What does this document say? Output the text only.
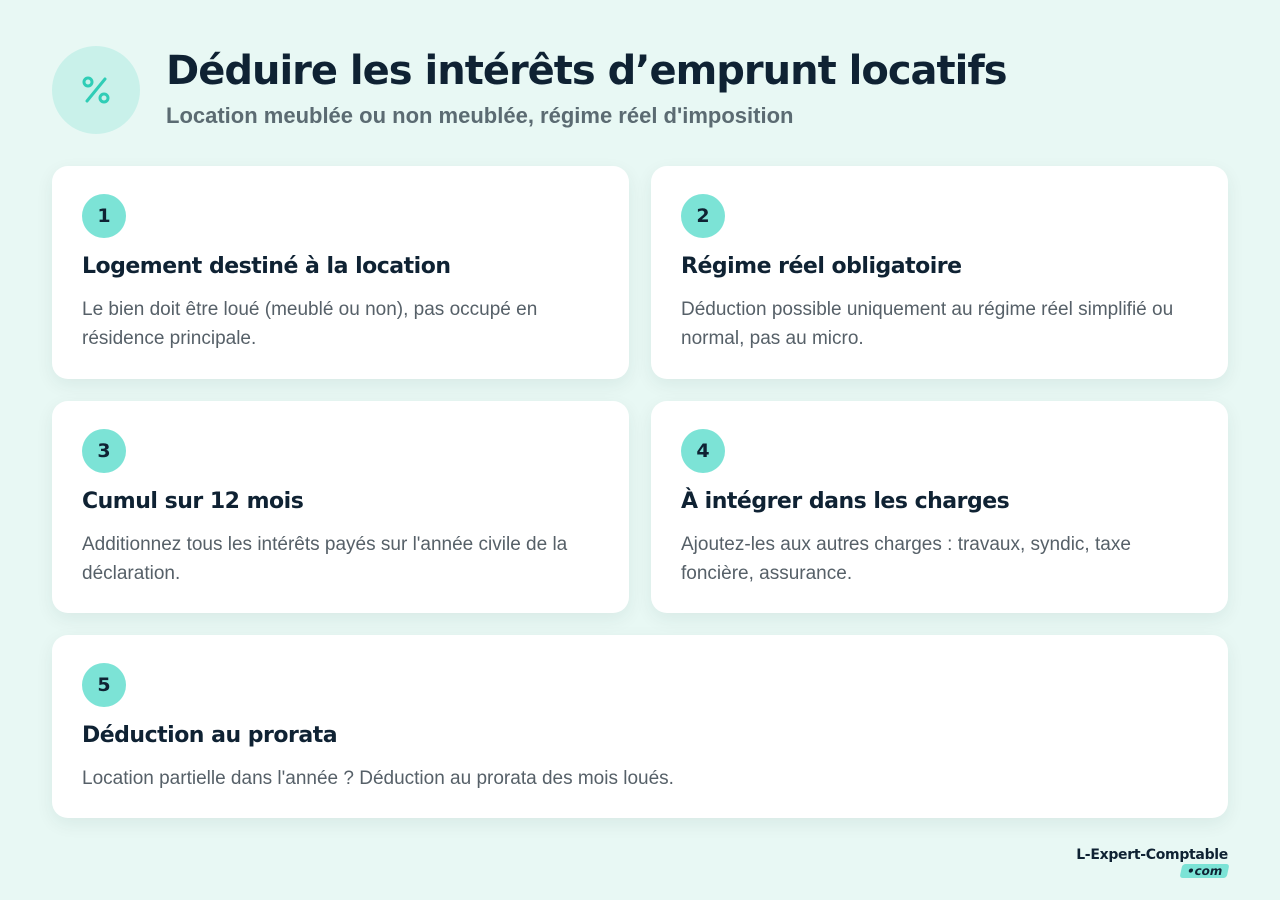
Déduire les intérêts d’emprunt locatifs
Location meublée ou non meublée, régime réel d'imposition
1
Logement destiné à la location
Le bien doit être loué (meublé ou non), pas occupé en résidence principale.
2
Régime réel obligatoire
Déduction possible uniquement au régime réel simplifié ou normal, pas au micro.
3
Cumul sur 12 mois
Additionnez tous les intérêts payés sur l'année civile de la déclaration.
4
À intégrer dans les charges
Ajoutez-les aux autres charges : travaux, syndic, taxe foncière, assurance.
5
Déduction au prorata
Location partielle dans l'année ? Déduction au prorata des mois loués.
L-Expert-Comptable
•com
